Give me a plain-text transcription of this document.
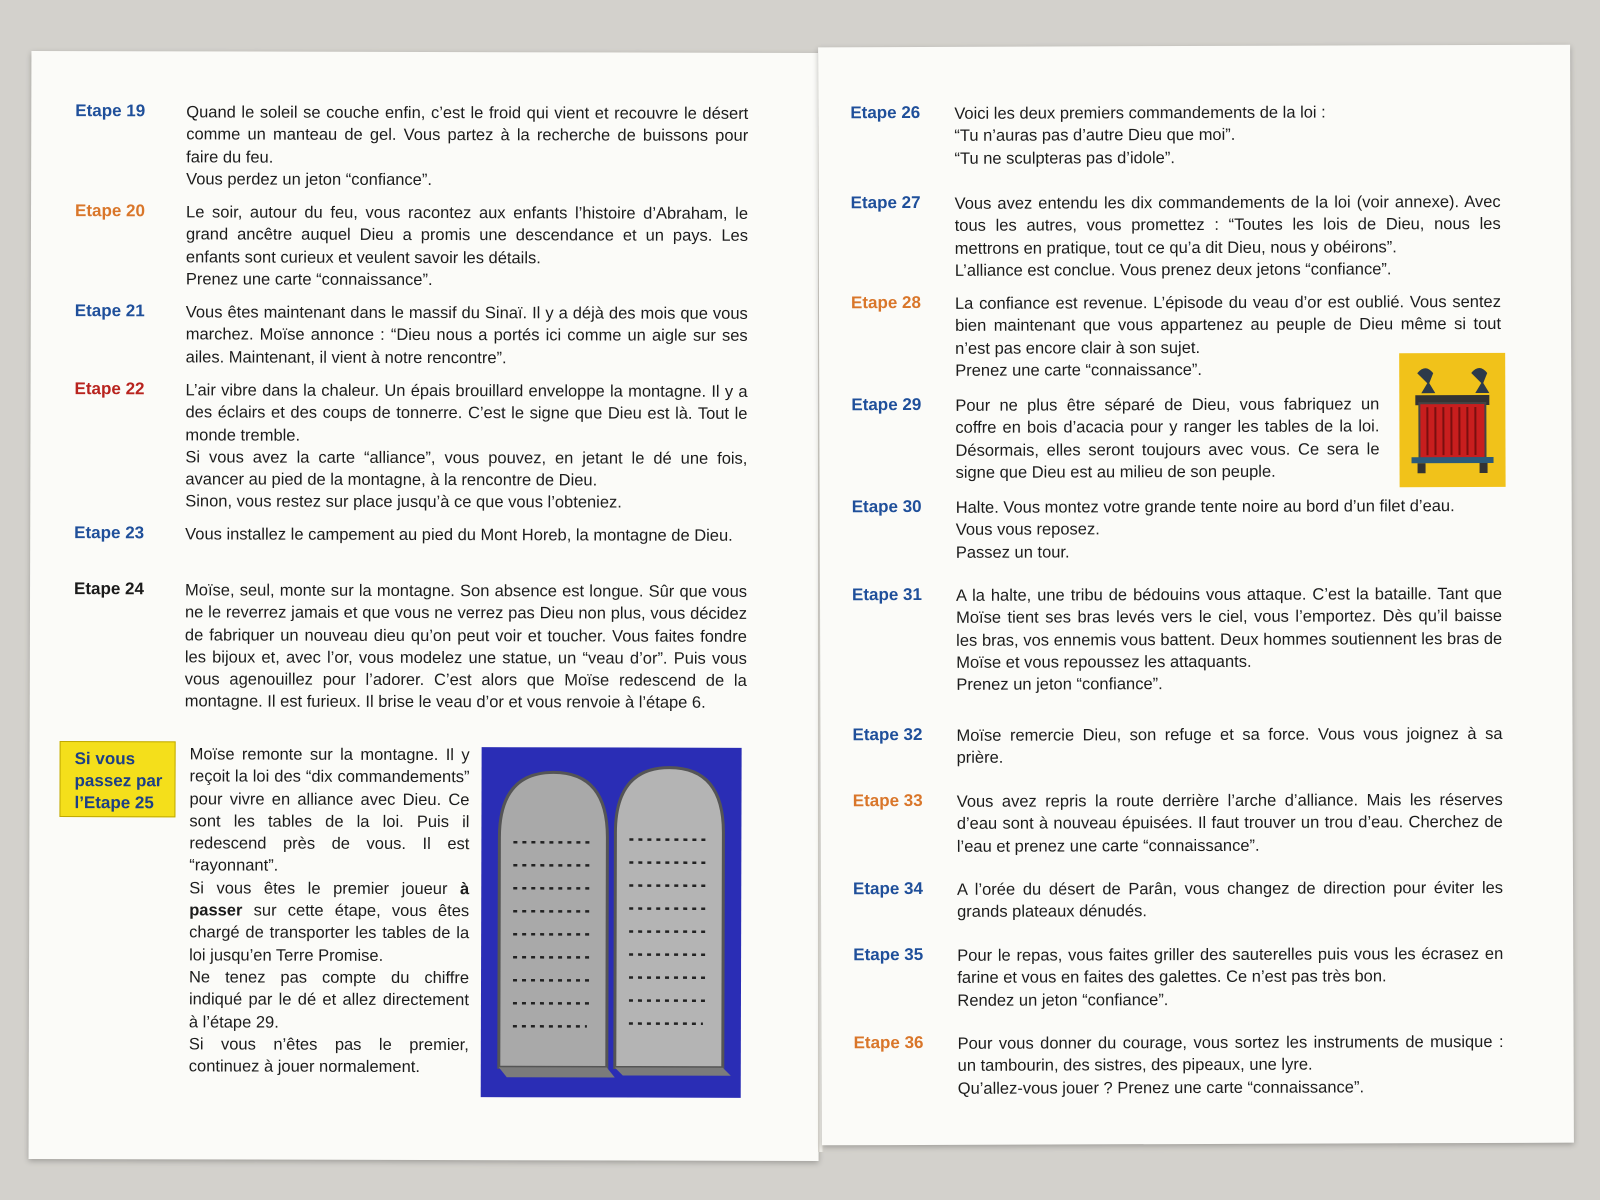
Etape 19 Quand le soleil se couche enfin, c’est le froid qui vient et recouvre le désert comme un manteau de gel. Vous partez à la recherche de buissons pour faire du feu.

Vous perdez un jeton “confiance”.

Etape 20 Le soir, autour du feu, vous racontez aux enfants l’histoire d’Abraham, le grand ancêtre auquel Dieu a promis une descendance et un pays. Les enfants sont curieux et veulent savoir les détails.

Prenez une carte “connaissance”.

Etape 21 Vous êtes maintenant dans le massif du Sinaï. Il y a déjà des mois que vous marchez. Moïse annonce : “Dieu nous a portés ici comme un aigle sur ses ailes. Maintenant, il vient à notre rencontre”.

Etape 22 L’air vibre dans la chaleur. Un épais brouillard enveloppe la montagne. Il y a des éclairs et des coups de tonnerre. C’est le signe que Dieu est là. Tout le monde tremble.

Si vous avez la carte “alliance”, vous pouvez, en jetant le dé une fois, avancer au pied de la montagne, à la rencontre de Dieu.

Sinon, vous restez sur place jusqu’à ce que vous l’obteniez.

Etape 23 Vous installez le campement au pied du Mont Horeb, la montagne de Dieu.

Etape 24 Moïse, seul, monte sur la montagne. Son absence est longue. Sûr que vous ne le reverrez jamais et que vous ne verrez pas Dieu non plus, vous décidez de fabriquer un nouveau dieu qu’on peut voir et toucher. Vous faites fondre les bijoux et, avec l’or, vous modelez une statue, un “veau d’or”. Puis vous vous agenouillez pour l’adorer. C’est alors que Moïse redescend de la montagne. Il est furieux. Il brise le veau d’or et vous renvoie à l’étape 6.

Si vous passez par l’Etape 25

Moïse remonte sur la montagne. Il y reçoit la loi des “dix commandements” pour vivre en alliance avec Dieu. Ce sont les tables de la loi. Puis il redescend près de vous. Il est “rayonnant”.

Si vous êtes le premier joueur à passer sur cette étape, vous êtes chargé de transporter les tables de la loi jusqu’en Terre Promise.

Ne tenez pas compte du chiffre indiqué par le dé et allez directement à l’étape 29.

Si vous n’êtes pas le premier, continuez à jouer normalement.

Etape 26 Voici les deux premiers commandements de la loi :

“Tu n’auras pas d’autre Dieu que moi”.

“Tu ne sculpteras pas d’idole”.

Etape 27 Vous avez entendu les dix commandements de la loi (voir annexe). Avec tous les autres, vous promettez : “Toutes les lois de Dieu, nous les mettrons en pratique, tout ce qu’a dit Dieu, nous y obéirons”.

L’alliance est conclue. Vous prenez deux jetons “confiance”.

Etape 28 La confiance est revenue. L’épisode du veau d’or est oublié. Vous sentez bien maintenant que vous appartenez au peuple de Dieu même si tout n’est pas encore clair à son sujet.

Prenez une carte “connaissance”.

Etape 29 Pour ne plus être séparé de Dieu, vous fabriquez un coffre en bois d’acacia pour y ranger les tables de la loi. Désormais, elles seront toujours avec vous. Ce sera le signe que Dieu est au milieu de son peuple.

Etape 30 Halte. Vous montez votre grande tente noire au bord d’un filet d’eau.

Vous vous reposez.

Passez un tour.

Etape 31 A la halte, une tribu de bédouins vous attaque. C’est la bataille. Tant que Moïse tient ses bras levés vers le ciel, vous l’emportez. Dès qu’il baisse les bras, vos ennemis vous battent. Deux hommes soutiennent les bras de Moïse et vous repoussez les attaquants.

Prenez un jeton “confiance”.

Etape 32 Moïse remercie Dieu, son refuge et sa force. Vous vous joignez à sa prière.

Etape 33 Vous avez repris la route derrière l’arche d’alliance. Mais les réserves d’eau sont à nouveau épuisées. Il faut trouver un trou d’eau. Cherchez de l’eau et prenez une carte “connaissance”.

Etape 34 A l’orée du désert de Parân, vous changez de direction pour éviter les grands plateaux dénudés.

Etape 35 Pour le repas, vous faites griller des sauterelles puis vous les écrasez en farine et vous en faites des galettes. Ce n’est pas très bon.

Rendez un jeton “confiance”.

Etape 36 Pour vous donner du courage, vous sortez les instruments de musique : un tambourin, des sistres, des pipeaux, une lyre.

Qu’allez-vous jouer ? Prenez une carte “connaissance”.
